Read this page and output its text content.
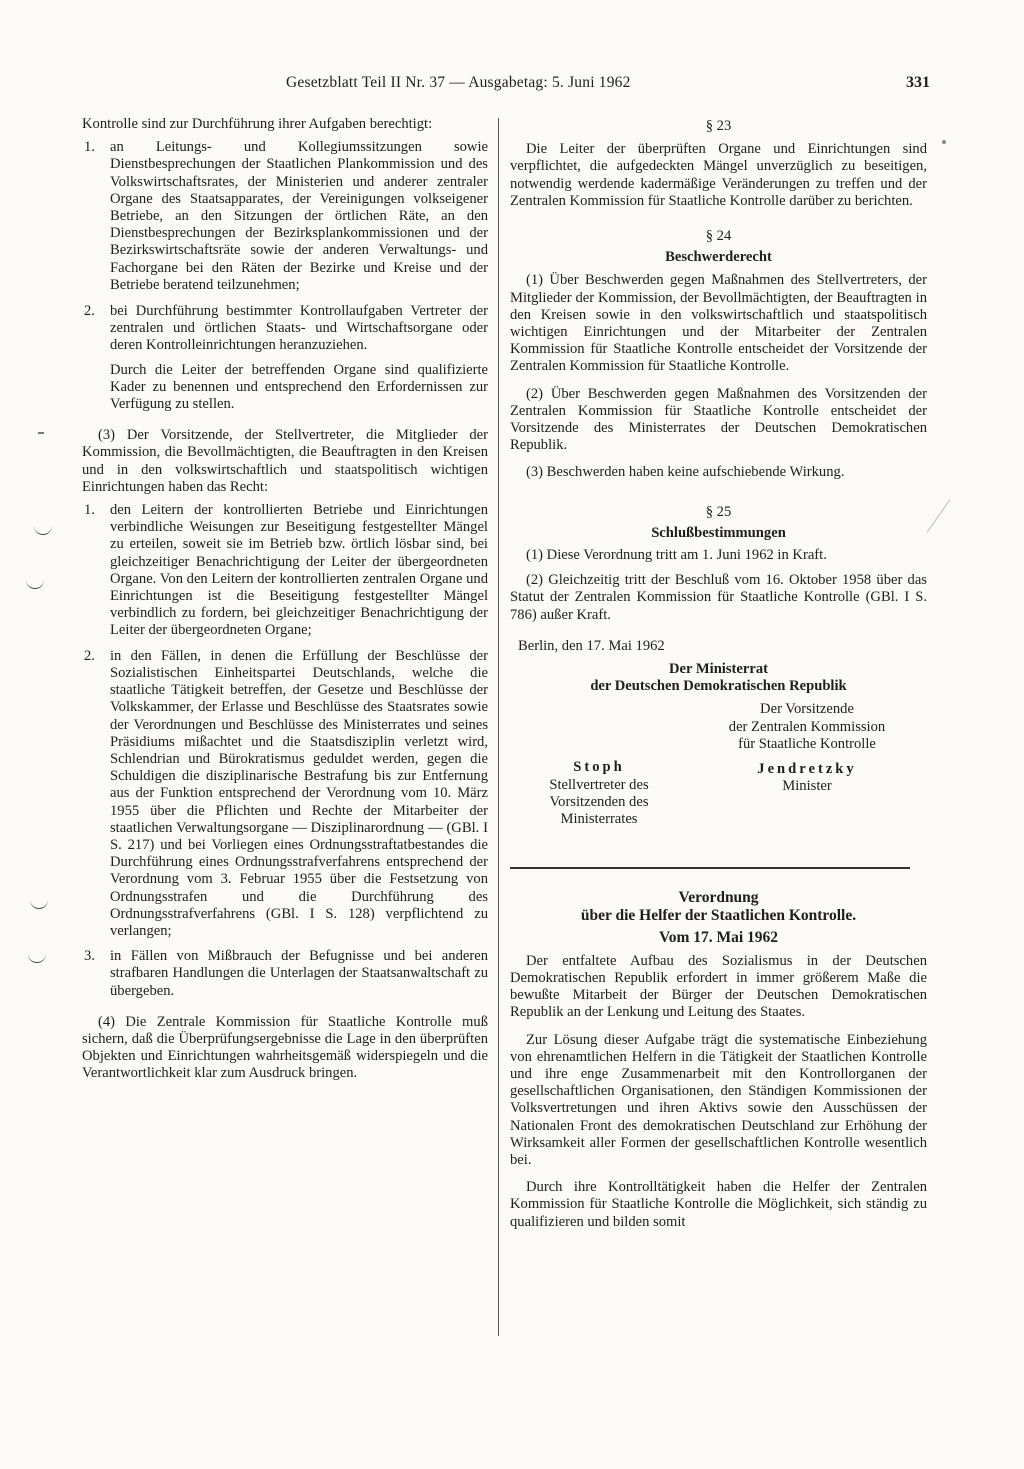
Gesetzblatt Teil II Nr. 37 — Ausgabetag: 5. Juni 1962	331

Kontrolle sind zur Durchführung ihrer Aufgaben berechtigt:

1.	an Leitungs- und Kollegiumssitzungen sowie Dienstbesprechungen der Staatlichen Plankommission und des Volkswirtschaftsrates, der Ministerien und anderer zentraler Organe des Staatsapparates, der Vereinigungen volkseigener Betriebe, an den Sitzungen der örtlichen Räte, an den Dienstbesprechungen der Bezirksplankommissionen und der Bezirkswirtschaftsräte sowie der anderen Verwaltungs- und Fachorgane bei den Räten der Bezirke und Kreise und der Betriebe beratend teilzunehmen;
2.	bei Durchführung bestimmter Kontrollaufgaben Vertreter der zentralen und örtlichen Staats- und Wirtschaftsorgane oder deren Kontrolleinrichtungen heranzuziehen.

Durch die Leiter der betreffenden Organe sind qualifizierte Kader zu benennen und entsprechend den Erfordernissen zur Verfügung zu stellen.

(3) Der Vorsitzende, der Stellvertreter, die Mitglieder der Kommission, die Bevollmächtigten, die Beauftragten in den Kreisen und in den volkswirtschaftlich und staatspolitisch wichtigen Einrichtungen haben das Recht:

1.	den Leitern der kontrollierten Betriebe und Einrichtungen verbindliche Weisungen zur Beseitigung festgestellter Mängel zu erteilen, soweit sie im Betrieb bzw. örtlich lösbar sind, bei gleichzeitiger Benachrichtigung der Leiter der übergeordneten Organe. Von den Leitern der kontrollierten zentralen Organe und Einrichtungen ist die Beseitigung festgestellter Mängel verbindlich zu fordern, bei gleichzeitiger Benachrichtigung der Leiter der übergeordneten Organe;
2.	in den Fällen, in denen die Erfüllung der Beschlüsse der Sozialistischen Einheitspartei Deutschlands, welche die staatliche Tätigkeit betreffen, der Gesetze und Beschlüsse der Volkskammer, der Erlasse und Beschlüsse des Staatsrates sowie der Verordnungen und Beschlüsse des Ministerrates und seines Präsidiums mißachtet und die Staatsdisziplin verletzt wird, Schlendrian und Bürokratismus geduldet werden, gegen die Schuldigen die disziplinarische Bestrafung bis zur Entfernung aus der Funktion entsprechend der Verordnung vom 10. März 1955 über die Pflichten und Rechte der Mitarbeiter der staatlichen Verwaltungsorgane — Disziplinarordnung — (GBl. I S. 217) und bei Vorliegen eines Ordnungsstraftatbestandes die Durchführung eines Ordnungsstrafverfahrens entsprechend der Verordnung vom 3. Februar 1955 über die Festsetzung von Ordnungsstrafen und die Durchführung des Ordnungsstrafverfahrens (GBl. I S. 128) verpflichtend zu verlangen;
3.	in Fällen von Mißbrauch der Befugnisse und bei anderen strafbaren Handlungen die Unterlagen der Staatsanwaltschaft zu übergeben.

(4) Die Zentrale Kommission für Staatliche Kontrolle muß sichern, daß die Überprüfungsergebnisse die Lage in den überprüften Objekten und Einrichtungen wahrheitsgemäß widerspiegeln und die Verantwortlichkeit klar zum Ausdruck bringen.

§ 23

Die Leiter der überprüften Organe und Einrichtungen sind verpflichtet, die aufgedeckten Mängel unverzüglich zu beseitigen, notwendig werdende kadermäßige Veränderungen zu treffen und der Zentralen Kommission für Staatliche Kontrolle darüber zu berichten.

§ 24

Beschwerderecht

(1) Über Beschwerden gegen Maßnahmen des Stellvertreters, der Mitglieder der Kommission, der Bevollmächtigten, der Beauftragten in den Kreisen sowie in den volkswirtschaftlich und staatspolitisch wichtigen Einrichtungen und der Mitarbeiter der Zentralen Kommission für Staatliche Kontrolle entscheidet der Vorsitzende der Zentralen Kommission für Staatliche Kontrolle.

(2) Über Beschwerden gegen Maßnahmen des Vorsitzenden der Zentralen Kommission für Staatliche Kontrolle entscheidet der Vorsitzende des Ministerrates der Deutschen Demokratischen Republik.

(3) Beschwerden haben keine aufschiebende Wirkung.

§ 25

Schlußbestimmungen

(1) Diese Verordnung tritt am 1. Juni 1962 in Kraft.

(2) Gleichzeitig tritt der Beschluß vom 16. Oktober 1958 über das Statut der Zentralen Kommission für Staatliche Kontrolle (GBl. I S. 786) außer Kraft.

Berlin, den 17. Mai 1962

Der Ministerrat

der Deutschen Demokratischen Republik

Der Vorsitzende
der Zentralen Kommission
für Staatliche Kontrolle
Jendretzky
Minister
Stoph
Stellvertreter des
Vorsitzenden des
Ministerrates

Verordnung
über die Helfer der Staatlichen Kontrolle.

Vom 17. Mai 1962

Der entfaltete Aufbau des Sozialismus in der Deutschen Demokratischen Republik erfordert in immer größerem Maße die bewußte Mitarbeit der Bürger der Deutschen Demokratischen Republik an der Lenkung und Leitung des Staates.

Zur Lösung dieser Aufgabe trägt die systematische Einbeziehung von ehrenamtlichen Helfern in die Tätigkeit der Staatlichen Kontrolle und ihre enge Zusammenarbeit mit den Kontrollorganen der gesellschaftlichen Organisationen, den Ständigen Kommissionen der Volksvertretungen und ihren Aktivs sowie den Ausschüssen der Nationalen Front des demokratischen Deutschland zur Erhöhung der Wirksamkeit aller Formen der gesellschaftlichen Kontrolle wesentlich bei.

Durch ihre Kontrolltätigkeit haben die Helfer der Zentralen Kommission für Staatliche Kontrolle die Möglichkeit, sich ständig zu qualifizieren und bilden somit
